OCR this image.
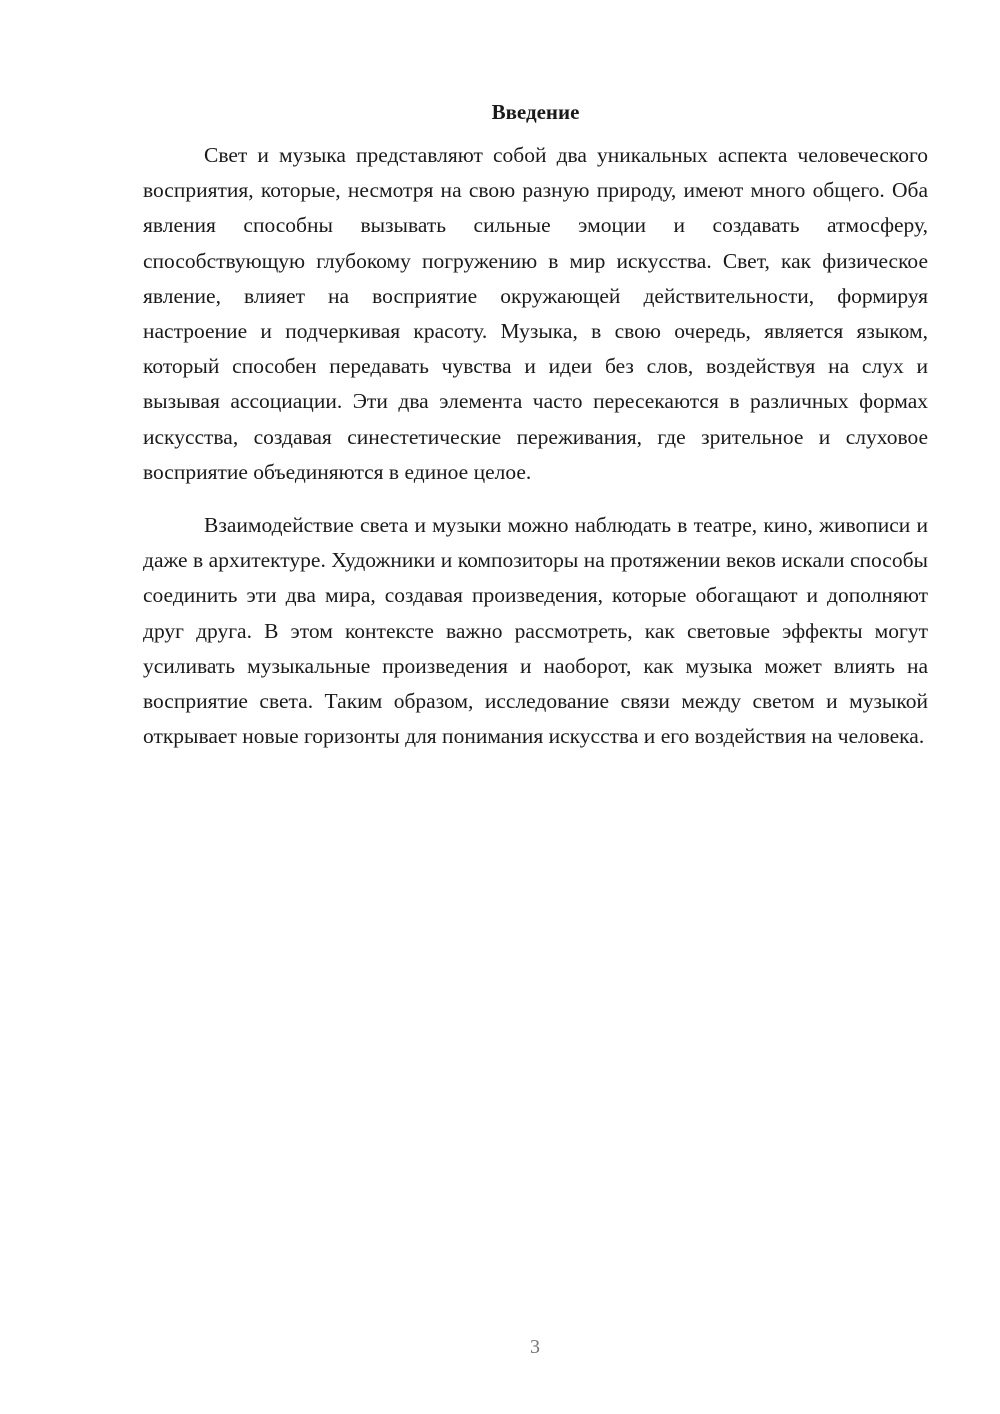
Введение

Свет и музыка представляют собой два уникальных аспекта человеческого восприятия, которые, несмотря на свою разную природу, имеют много общего. Оба явления способны вызывать сильные эмоции и создавать атмосферу, способствующую глубокому погружению в мир искусства. Свет, как физическое явление, влияет на восприятие окружающей действительности, формируя настроение и подчеркивая красоту. Музыка, в свою очередь, является языком, который способен передавать чувства и идеи без слов, воздействуя на слух и вызывая ассоциации. Эти два элемента часто пересекаются в различных формах искусства, создавая синестетические переживания, где зрительное и слуховое восприятие объединяются в единое целое.

Взаимодействие света и музыки можно наблюдать в театре, кино, живописи и даже в архитектуре. Художники и композиторы на протяжении веков искали способы соединить эти два мира, создавая произведения, которые обогащают и дополняют друг друга. В этом контексте важно рассмотреть, как световые эффекты могут усиливать музыкальные произведения и наоборот, как музыка может влиять на восприятие света. Таким образом, исследование связи между светом и музыкой открывает новые горизонты для понимания искусства и его воздействия на человека.

3
